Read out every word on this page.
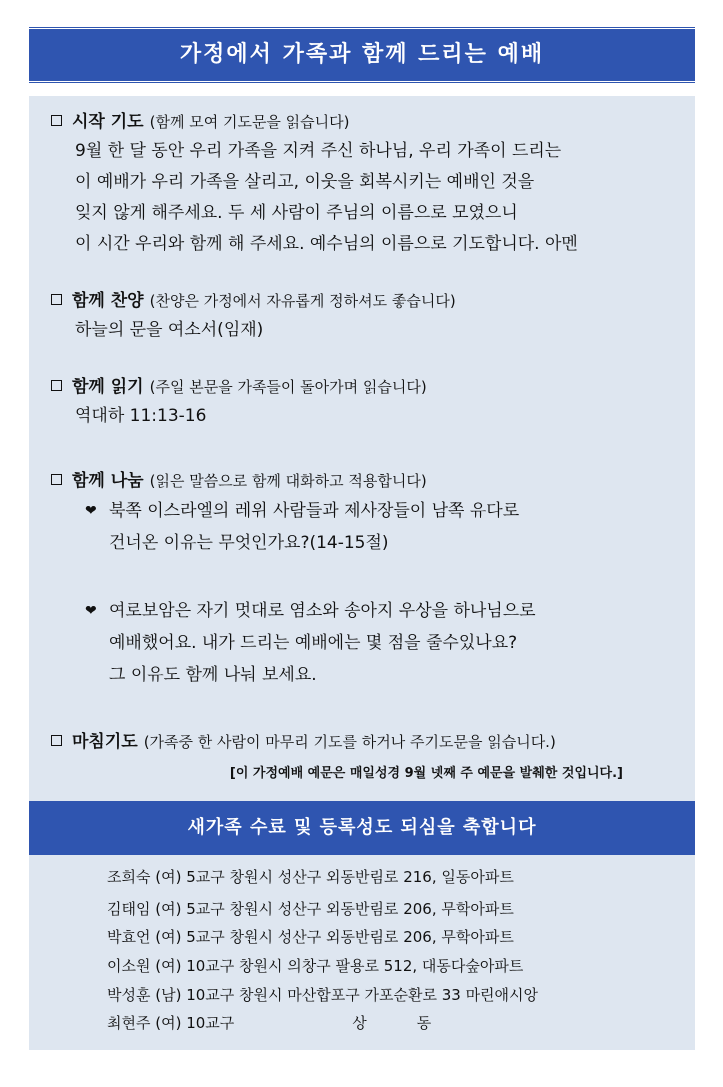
가정에서 가족과 함께 드리는 예배
시작 기도 (함께 모여 기도문을 읽습니다)
9월 한 달 동안 우리 가족을 지켜 주신 하나님, 우리 가족이 드리는
이 예배가 우리 가족을 살리고, 이웃을 회복시키는 예배인 것을
잊지 않게 해주세요. 두 세 사람이 주님의 이름으로 모였으니
이 시간 우리와 함께 해 주세요. 예수님의 이름으로 기도합니다. 아멘
함께 찬양 (찬양은 가정에서 자유롭게 정하셔도 좋습니다)
하늘의 문을 여소서(임재)
함께 읽기 (주일 본문을 가족들이 돌아가며 읽습니다)
역대하 11:13-16
함께 나눔 (읽은 말씀으로 함께 대화하고 적용합니다)
❤ 북쪽 이스라엘의 레위 사람들과 제사장들이 남쪽 유다로
건너온 이유는 무엇인가요?(14-15절)
❤ 여로보암은 자기 멋대로 염소와 송아지 우상을 하나님으로
예배했어요. 내가 드리는 예배에는 몇 점을 줄수있나요?
그 이유도 함께 나눠 보세요.
마침기도 (가족중 한 사람이 마무리 기도를 하거나 주기도문을 읽습니다.)
[이 가정예배 예문은 매일성경 9월 넷째 주 예문을 발췌한 것입니다.]
새가족 수료 및 등록성도 되심을 축합니다
조희숙 (여) 5교구 창원시 성산구 외동반림로 216, 일동아파트
김태임 (여) 5교구 창원시 성산구 외동반림로 206, 무학아파트
박효언 (여) 5교구 창원시 성산구 외동반림로 206, 무학아파트
이소원 (여) 10교구 창원시 의창구 팔용로 512, 대동다숲아파트
박성훈 (남) 10교구 창원시 마산합포구 가포순환로 33 마린애시앙
최현주 (여) 10교구	상	동
